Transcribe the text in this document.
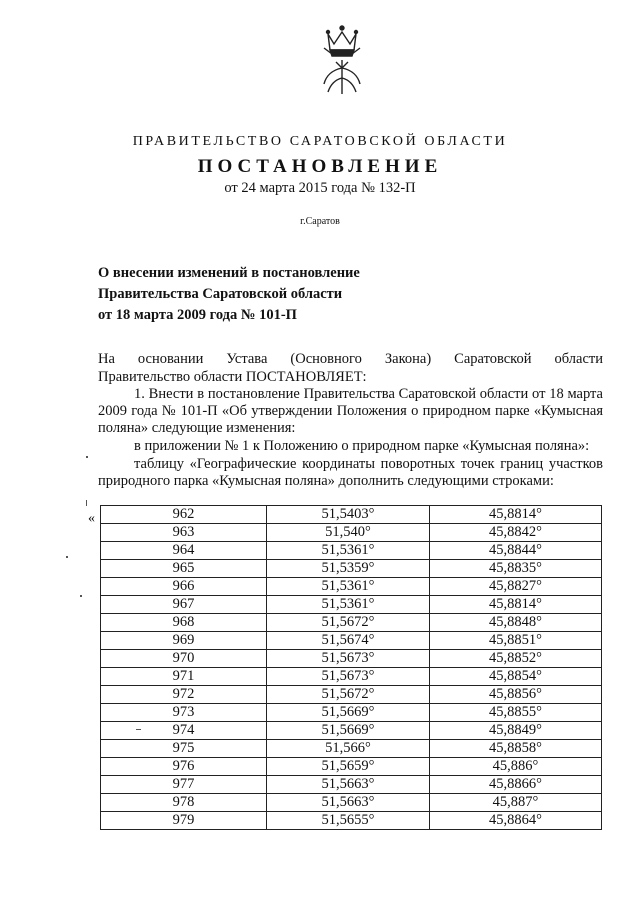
ПРАВИТЕЛЬСТВО САРАТОВСКОЙ ОБЛАСТИ
ПОСТАНОВЛЕНИЕ
от 24 марта 2015 года № 132-П
г.Саратов
О внесении изменений в постановление
Правительства Саратовской области
от 18 марта 2009 года № 101-П
На основании Устава (Основного Закона) Саратовской области
Правительство области ПОСТАНОВЛЯЕТ:
1. Внести в постановление Правительства Саратовской области от 18 марта
2009 года № 101-П «Об утверждении Положения о природном парке «Кумысная
поляна» следующие изменения:
в приложении № 1 к Положению о природном парке «Кумысная поляна»:
таблицу «Географические координаты поворотных точек границ участков
природного парка «Кумысная поляна» дополнить следующими строками:
«	962	51,5403°	45,8814°
963	51,540°	45,8842°
964	51,5361°	45,8844°
965	51,5359°	45,8835°
966	51,5361°	45,8827°
967	51,5361°	45,8814°
968	51,5672°	45,8848°
969	51,5674°	45,8851°
970	51,5673°	45,8852°
971	51,5673°	45,8854°
972	51,5672°	45,8856°
973	51,5669°	45,8855°
974	51,5669°	45,8849°
975	51,566°	45,8858°
976	51,5659°	45,886°
977	51,5663°	45,8866°
978	51,5663°	45,887°
979	51,5655°	45,8864°
